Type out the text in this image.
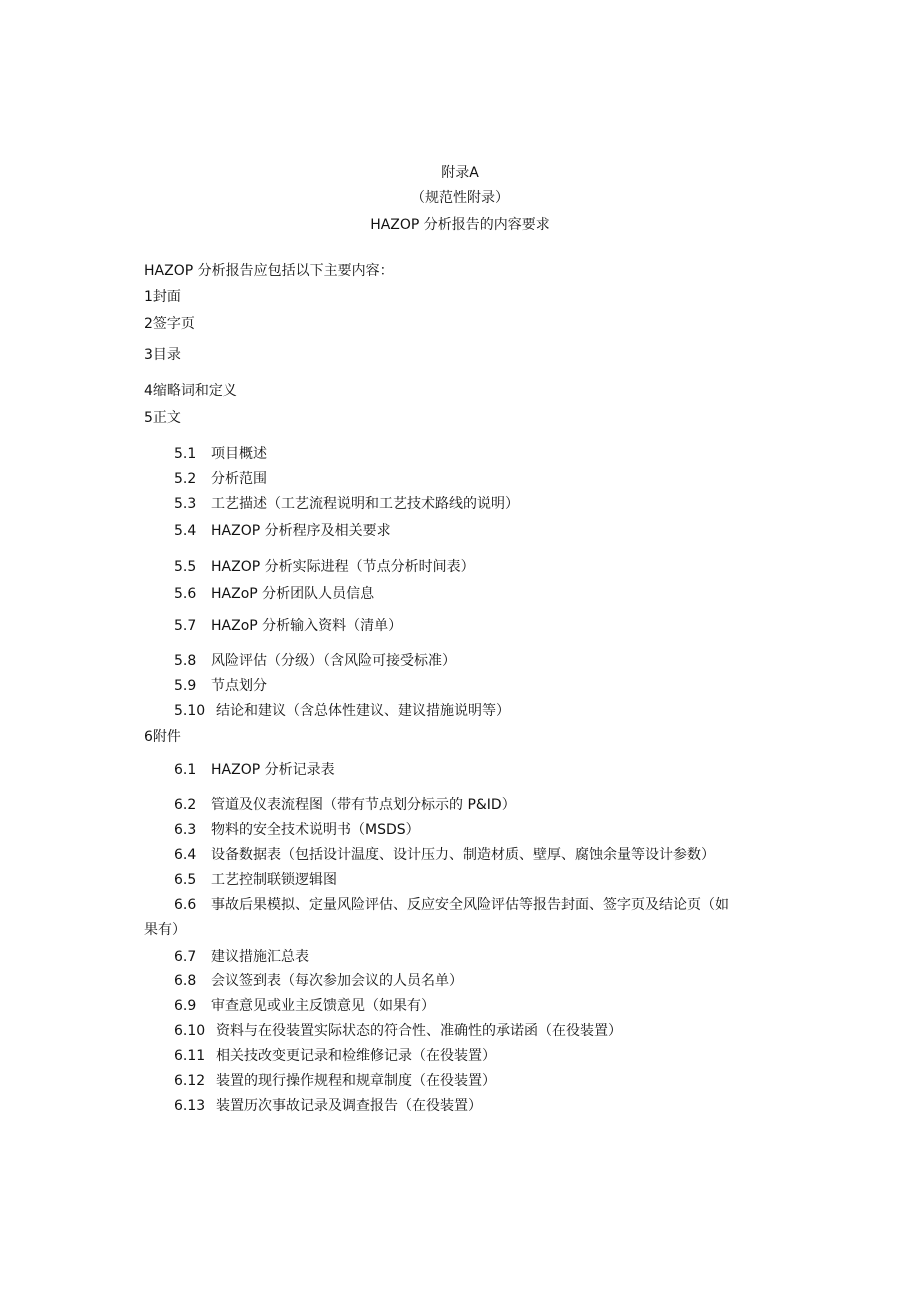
附录A
（规范性附录）
HAZOP 分析报告的内容要求
HAZOP 分析报告应包括以下主要内容：
1封面
2签字页
3目录
4缩略词和定义
5正文
5.1 项目概述
5.2 分析范围
5.3 工艺描述（工艺流程说明和工艺技术路线的说明）
5.4 HAZOP 分析程序及相关要求
5.5 HAZOP 分析实际进程（节点分析时间表）
5.6 HAZoP 分析团队人员信息
5.7 HAZoP 分析输入资料（清单）
5.8 风险评估（分级）（含风险可接受标准）
5.9 节点划分
5.10 结论和建议（含总体性建议、建议措施说明等）
6附件
6.1 HAZOP 分析记录表
6.2 管道及仪表流程图（带有节点划分标示的 P&ID）
6.3 物料的安全技术说明书（MSDS）
6.4 设备数据表（包括设计温度、设计压力、制造材质、壁厚、腐蚀余量等设计参数）
6.5 工艺控制联锁逻辑图
6.6 事故后果模拟、定量风险评估、反应安全风险评估等报告封面、签字页及结论页（如
果有）
6.7 建议措施汇总表
6.8 会议签到表（每次参加会议的人员名单）
6.9 审查意见或业主反馈意见（如果有）
6.10 资料与在役装置实际状态的符合性、准确性的承诺函（在役装置）
6.11 相关技改变更记录和检维修记录（在役装置）
6.12 装置的现行操作规程和规章制度（在役装置）
6.13 装置历次事故记录及调查报告（在役装置）
